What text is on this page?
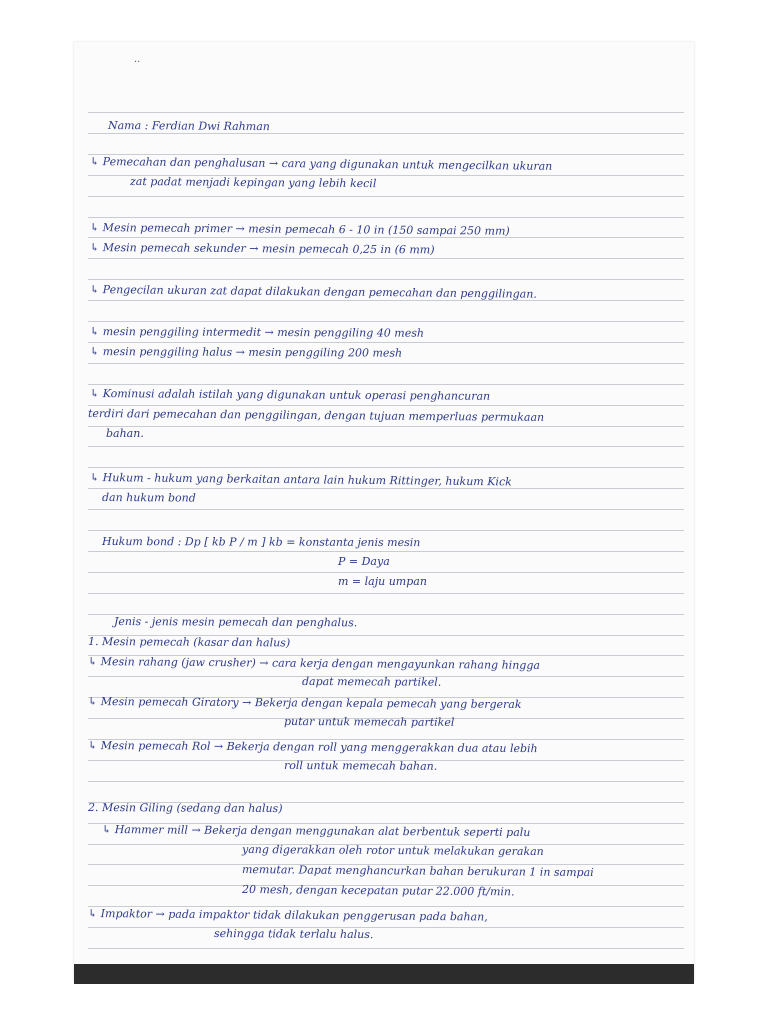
..
Nama : Ferdian Dwi Rahman
↳ Pemecahan dan penghalusan → cara yang digunakan untuk mengecilkan ukuran
zat padat menjadi kepingan yang lebih kecil
↳ Mesin pemecah primer → mesin pemecah 6 - 10 in (150 sampai 250 mm)
↳ Mesin pemecah sekunder → mesin pemecah 0,25 in (6 mm)
↳ Pengecilan ukuran zat dapat dilakukan dengan pemecahan dan penggilingan.
↳ mesin penggiling intermedit → mesin penggiling 40 mesh
↳ mesin penggiling halus → mesin penggiling 200 mesh
↳ Kominusi adalah istilah yang digunakan untuk operasi penghancuran
terdiri dari pemecahan dan penggilingan, dengan tujuan memperluas permukaan
bahan.
↳ Hukum - hukum yang berkaitan antara lain hukum Rittinger, hukum Kick
dan hukum bond
Hukum bond : Dp [ kb P / m ] kb = konstanta jenis mesin
P = Daya
m = laju umpan
Jenis - jenis mesin pemecah dan penghalus.
1. Mesin pemecah (kasar dan halus)
↳ Mesin rahang (jaw crusher) → cara kerja dengan mengayunkan rahang hingga
dapat memecah partikel.
↳ Mesin pemecah Giratory → Bekerja dengan kepala pemecah yang bergerak
putar untuk memecah partikel
↳ Mesin pemecah Rol → Bekerja dengan roll yang menggerakkan dua atau lebih
roll untuk memecah bahan.
2. Mesin Giling (sedang dan halus)
↳ Hammer mill → Bekerja dengan menggunakan alat berbentuk seperti palu
yang digerakkan oleh rotor untuk melakukan gerakan
memutar. Dapat menghancurkan bahan berukuran 1 in sampai
20 mesh, dengan kecepatan putar 22.000 ft/min.
↳ Impaktor → pada impaktor tidak dilakukan penggerusan pada bahan,
sehingga tidak terlalu halus.
